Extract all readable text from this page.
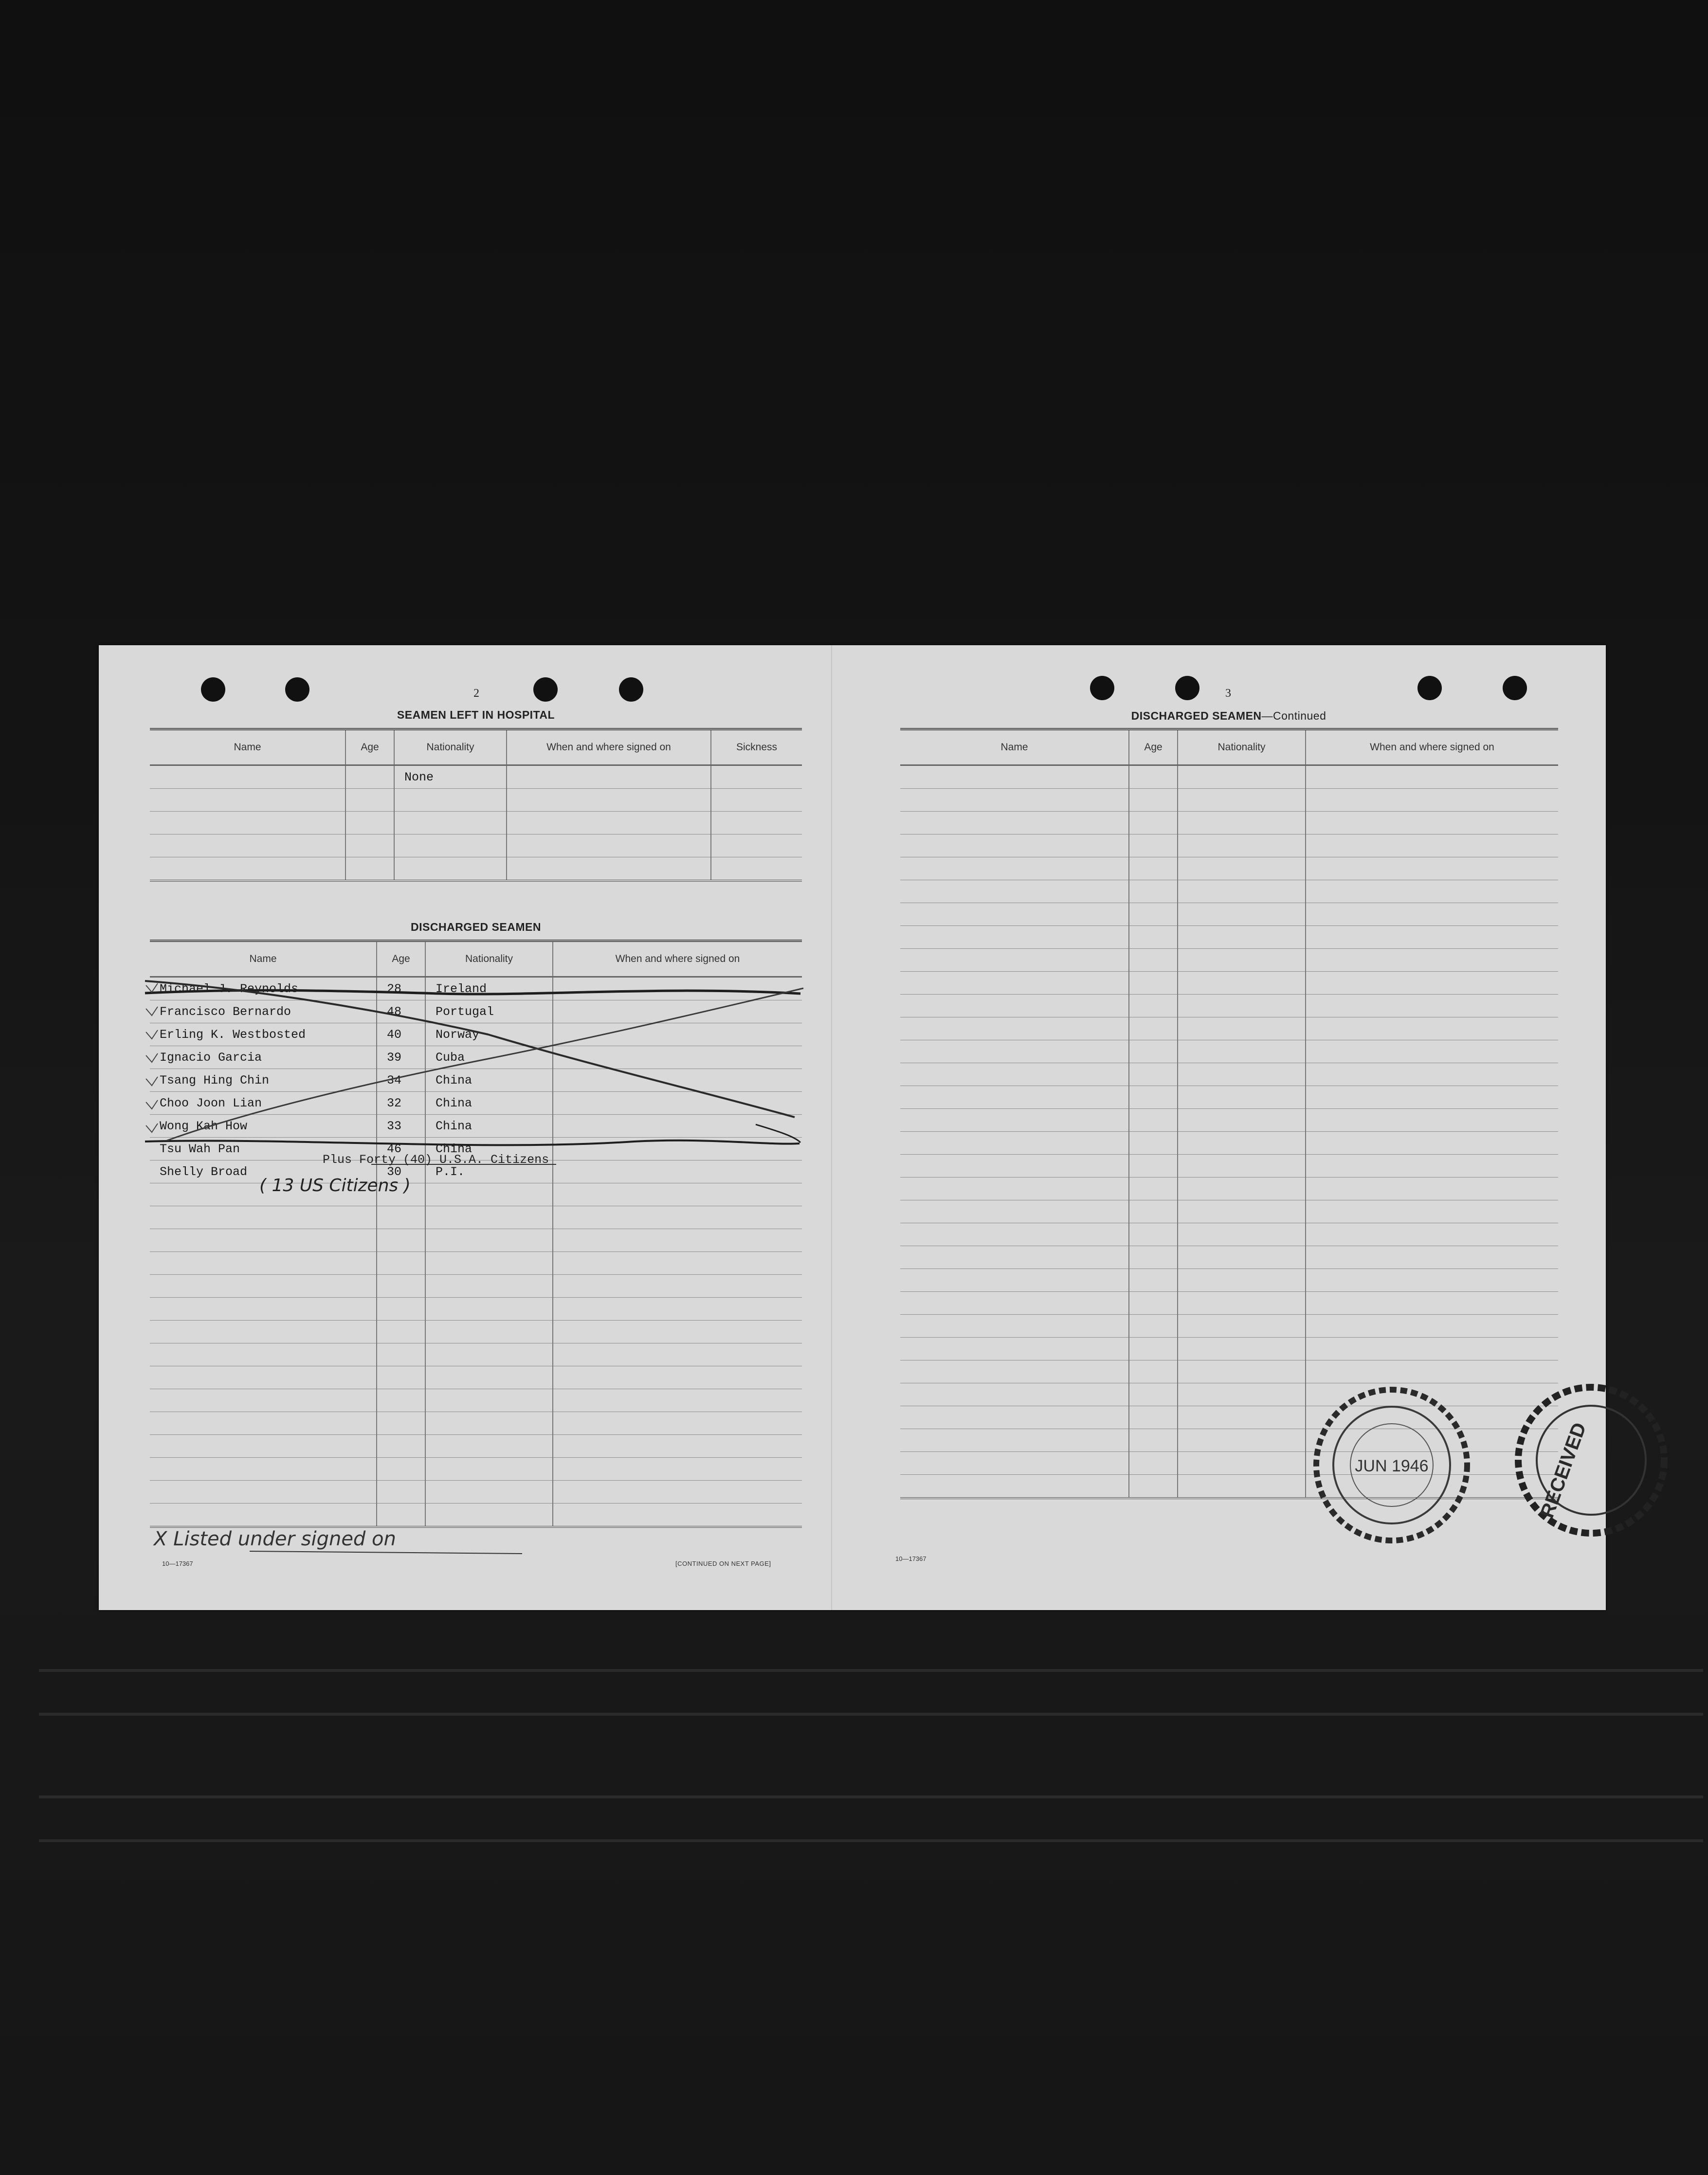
2
SEAMEN LEFT IN HOSPITAL
Name	Age	Nationality	When and where signed on	Sickness
		None		

DISCHARGED SEAMEN
Name	Age	Nationality	When and where signed on
Michael J. Reynolds	28	Ireland	
Francisco Bernardo	48	Portugal	
Erling K. Westbosted	40	Norway	
Ignacio Garcia	39	Cuba	
Tsang Hing Chin	34	China	
Choo Joon Lian	32	China	
Wong Kah How	33	China	
Tsu Wah Pan	46	China	
Shelly Broad	30	P.I.	

Plus Forty (40) U.S.A. Citizens
( 13 US Citizens )
X Listed under signed on
10—17367	[CONTINUED ON NEXT PAGE]
3
DISCHARGED SEAMEN—Continued
Name	Age	Nationality	When and where signed on

10—17367
JUN 1946	RECEIVED
